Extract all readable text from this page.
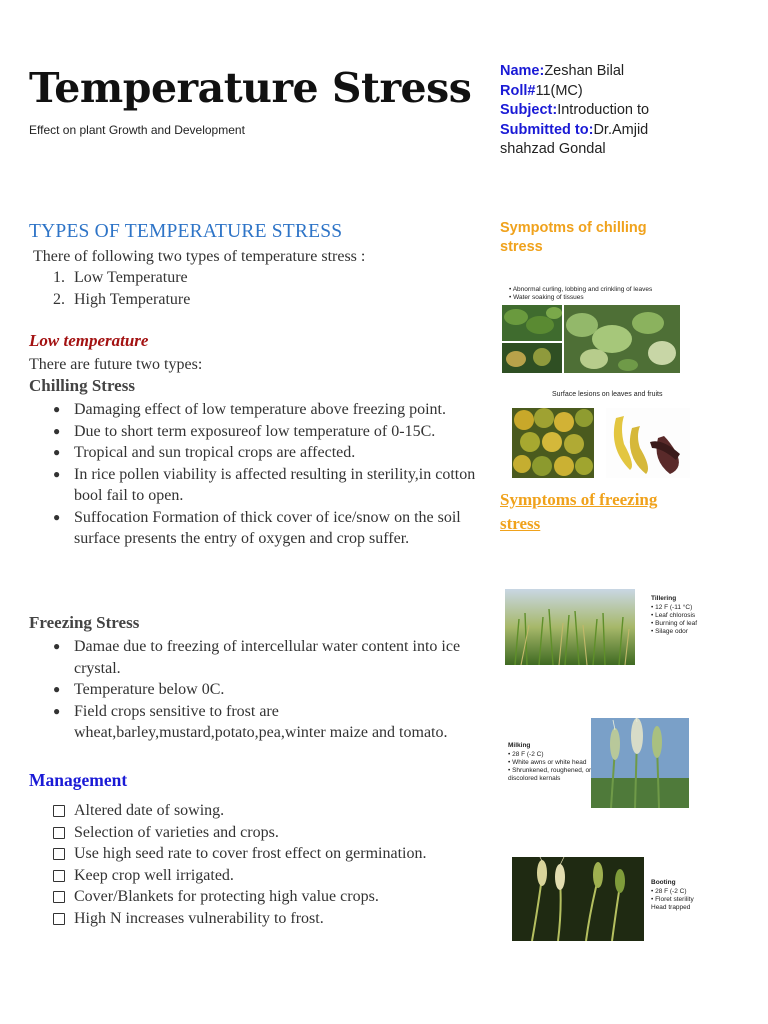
Temperature Stress
Effect on plant Growth and Development
Name:Zeshan Bilal
Roll#11(MC)
Subject:Introduction to
Submitted to:Dr.Amjid shahzad Gondal
TYPES OF TEMPERATURE STRESS
There of following two types of temperature stress :
1. Low Temperature
2. High Temperature
Low temperature
There are future two types:
Chilling Stress
● Damaging effect of low temperature above freezing point.
● Due to short term exposureof low temperature of 0-15C.
● Tropical and sun tropical crops are affected.
● In rice pollen viability is affected resulting in sterility,in cotton bool fail to open.
● Suffocation Formation of thick cover of ice/snow on the soil surface presents the entry of oxygen and crop suffer.
Freezing Stress
● Damae due to freezing of intercellular water content into ice crystal.
● Temperature below 0C.
● Field crops sensitive to frost are wheat,barley,mustard,potato,pea,winter maize and tomato.
Management
Altered date of sowing.
Selection of varieties and crops.
Use high seed rate to cover frost effect on germination.
Keep crop well irrigated.
Cover/Blankets for protecting high value crops.
High N increases vulnerability to frost.
Sympotms of chilling stress
• Abnormal curling, lobbing and crinkling of leaves
• Water soaking of tissues
Surface lesions on leaves and fruits
Symptoms of freezing stress
Tillering
• 12 F (-11 °C)
• Leaf chlorosis
• Burning of leaf
• Silage odor
Milking
• 28 F (-2 C)
• White awns or white head
• Shrunkened, roughened, or
discolored kernals
Booting
• 28 F (-2 C)
• Floret sterility
Head trapped
